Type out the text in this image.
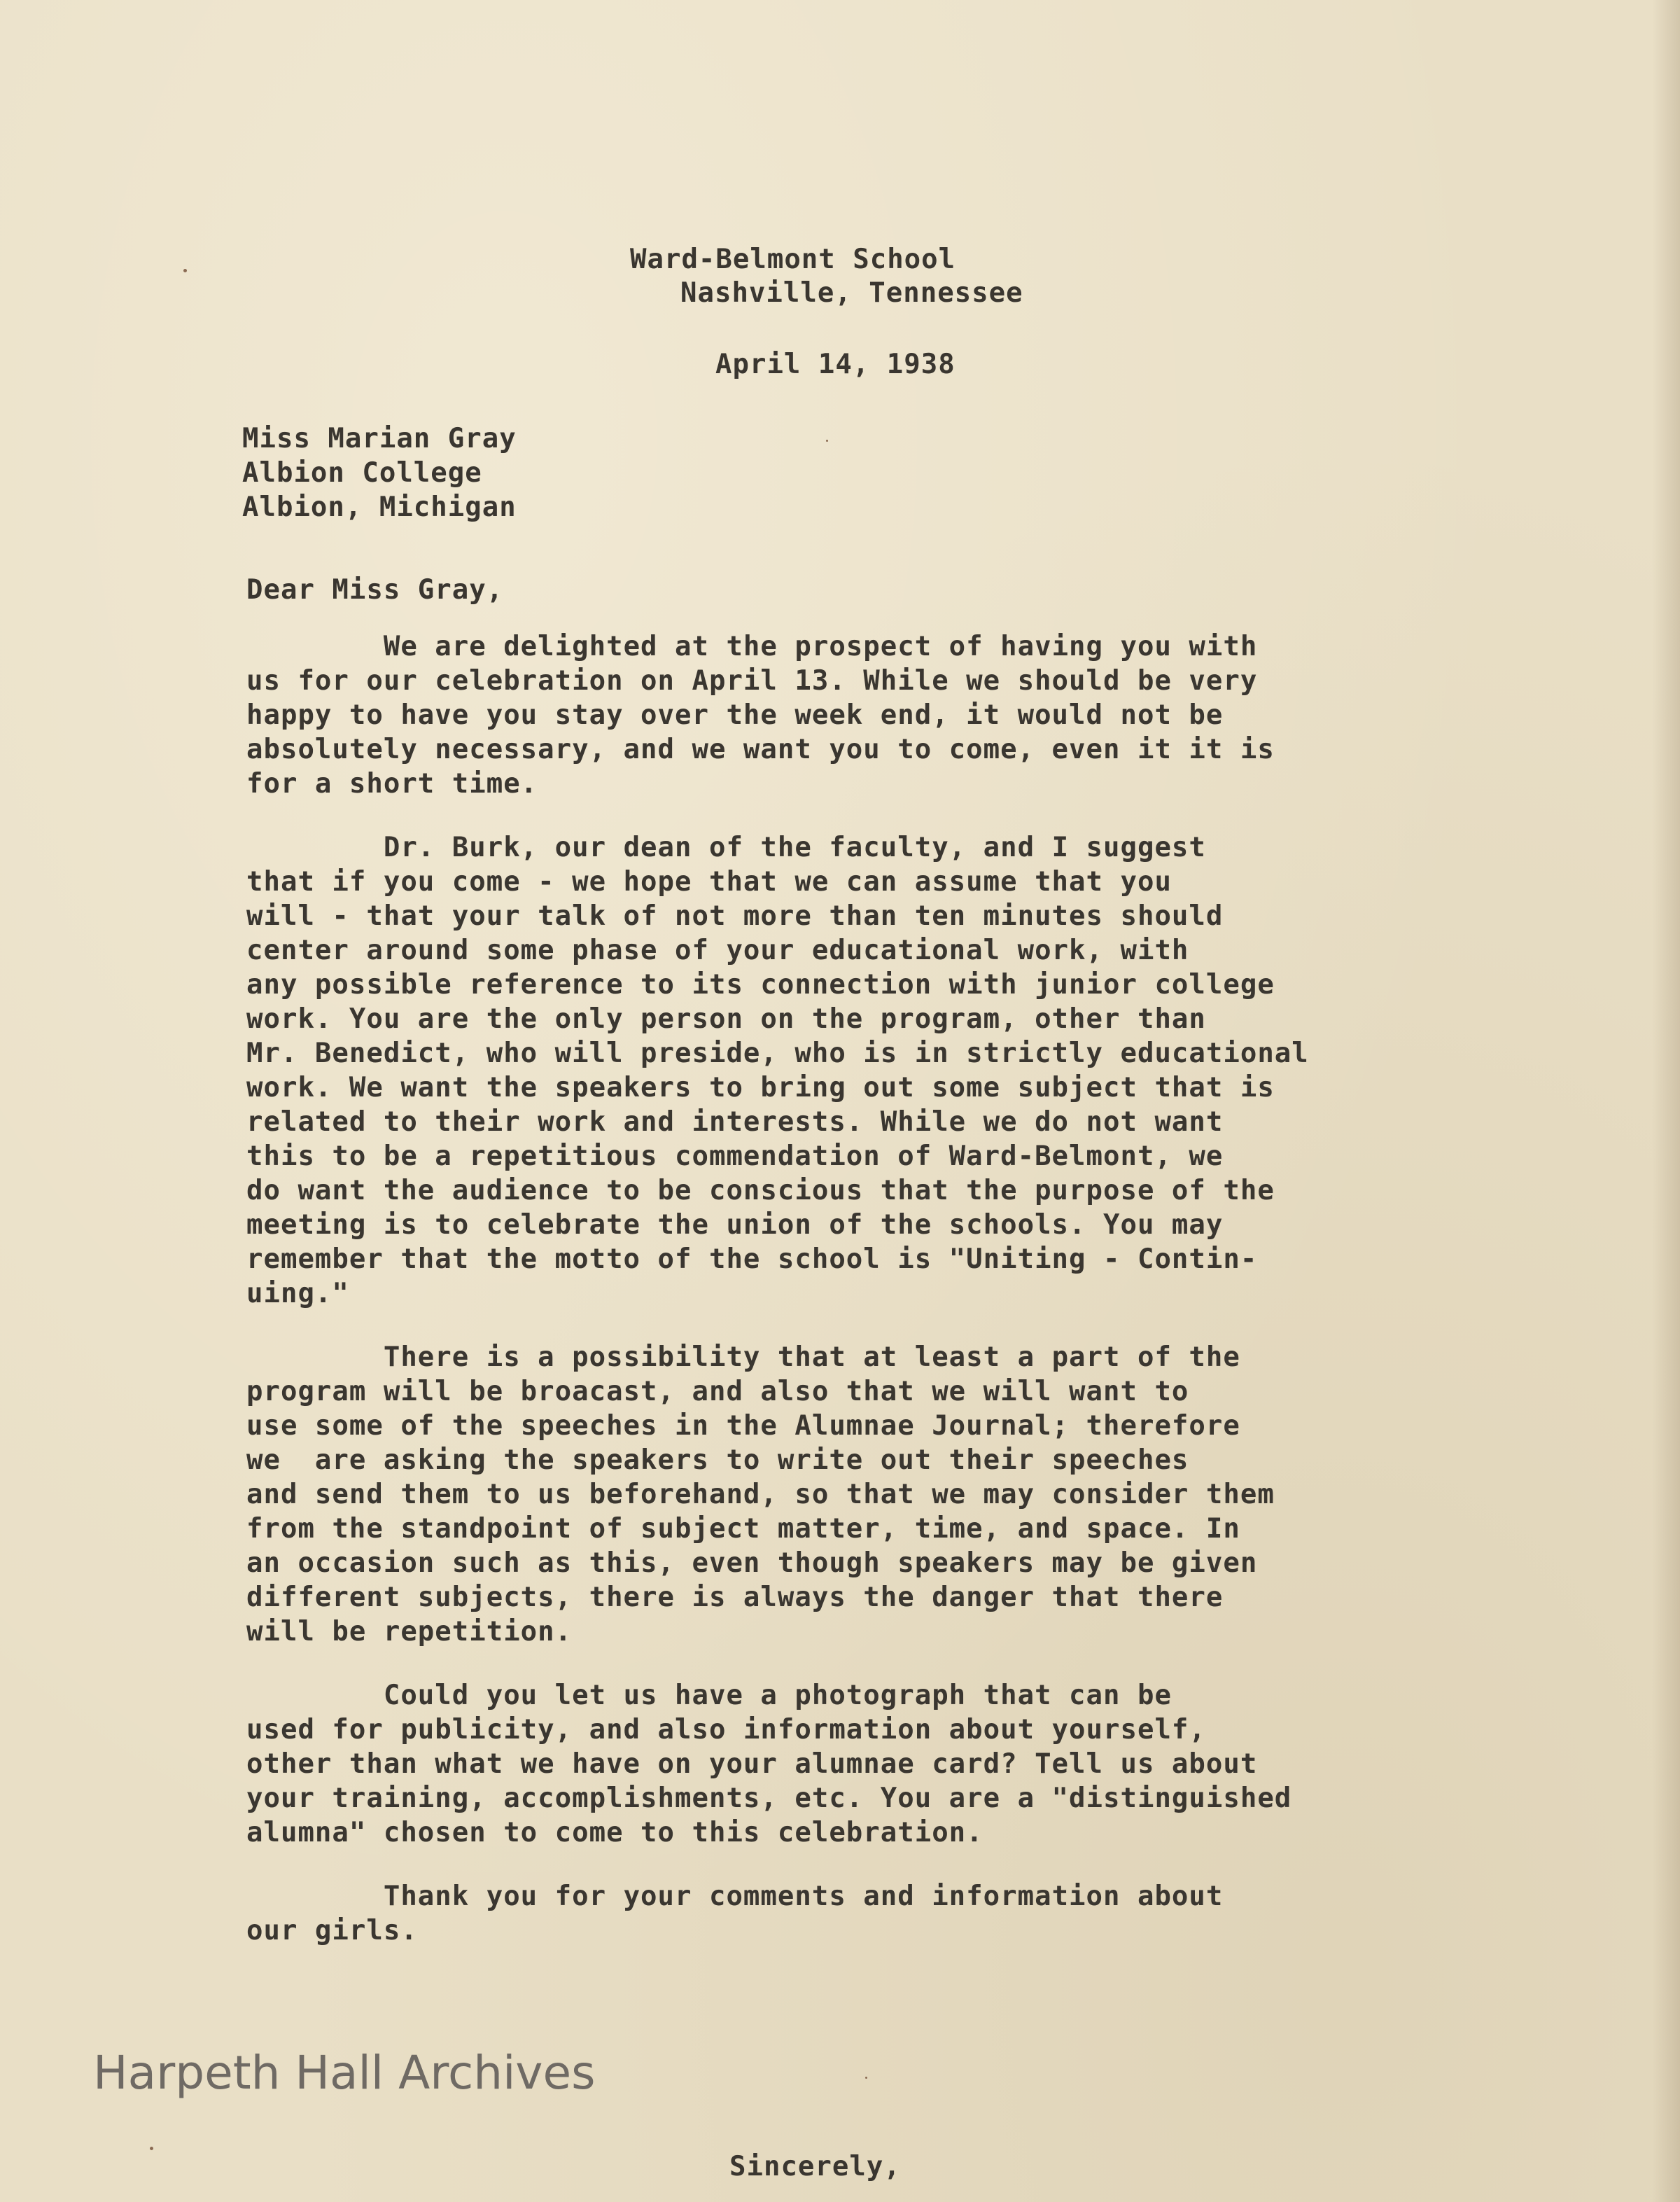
Ward-Belmont School

Nashville, Tennessee

April 14, 1938

Miss Marian Gray

Albion College

Albion, Michigan

Dear Miss Gray,

We are delighted at the prospect of having you with
us for our celebration on April 13. While we should be very
happy to have you stay over the week end, it would not be
absolutely necessary, and we want you to come, even it it is
for a short time.

Dr. Burk, our dean of the faculty, and I suggest
that if you come - we hope that we can assume that you
will - that your talk of not more than ten minutes should
center around some phase of your educational work, with
any possible reference to its connection with junior college
work. You are the only person on the program, other than
Mr. Benedict, who will preside, who is in strictly educational
work. We want the speakers to bring out some subject that is
related to their work and interests. While we do not want
this to be a repetitious commendation of Ward-Belmont, we
do want the audience to be conscious that the purpose of the
meeting is to celebrate the union of the schools. You may
remember that the motto of the school is "Uniting - Contin-
uing."

There is a possibility that at least a part of the
program will be broacast, and also that we will want to
use some of the speeches in the Alumnae Journal; therefore
we  are asking the speakers to write out their speeches
and send them to us beforehand, so that we may consider them
from the standpoint of subject matter, time, and space. In
an occasion such as this, even though speakers may be given
different subjects, there is always the danger that there
will be repetition.

Could you let us have a photograph that can be
used for publicity, and also information about yourself,
other than what we have on your alumnae card? Tell us about
your training, accomplishments, etc. You are a "distinguished
alumna" chosen to come to this celebration.

Thank you for your comments and information about
our girls.

Harpeth Hall Archives

Sincerely,
